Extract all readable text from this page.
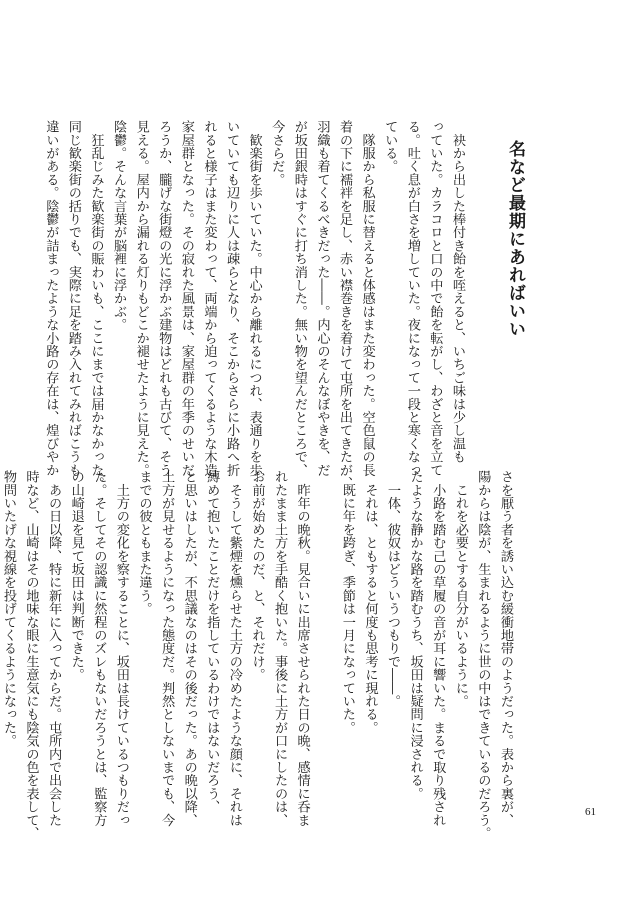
名など最期にあればいい
　袂から出した棒付き飴を咥えると、いちご味は少し温も
っていた。カラコロと口の中で飴を転がし、わざと音を立て
る。吐く息が白さを増していた。夜になって一段と寒くなっ
ている。
　隊服から私服に替えると体感はまた変わった。空色鼠の長
着の下に襦袢を足し、赤い襟巻きを着けて屯所を出てきたが、
羽織も着てくるべきだった――。内心のそんなぼやきを、だ
が坂田銀時はすぐに打ち消した。無い物を望んだところで、
今さらだ。
　歓楽街を歩いていた。中心から離れるにつれ、表通りを歩
いていても辺りに人は疎らとなり、そこからさらに小路へ折
れると様子はまた変わって、両端から迫ってくるような木造
家屋群となった。その寂れた風景は、家屋群の年季のせいだ
ろうか、朧げな街燈の光に浮かぶ建物はどれも古びて、そう
見える。屋内から漏れる灯りもどこか褪せたように見えた。
陰鬱。そんな言葉が脳裡に浮かぶ。
　狂乱じみた歓楽街の賑わいも、ここにまでは届かなかった。
同じ歓楽街の括りでも、実際に足を踏み入れてみればこうも
違いがある。陰鬱が詰まったような小路の存在は、煌びやか
さを厭う者を誘い込む緩衝地帯のようだった。表から裏が、
陽からは陰が、生まれるように世の中はできているのだろう。
　これを必要とする自分がいるように。
　小路を踏む己の草履の音が耳に響いた。まるで取り残され
たような静かな路を踏むうち、坂田は疑問に浸される。
　一体、彼奴はどういうつもりで――。
　それは、ともすると何度も思考に現れる。
　既に年を跨ぎ、季節は一月になっていた。

　昨年の晩秋。見合いに出席させられた日の晩、感情に呑ま
れたまま土方を手酷く抱いた。事後に土方が口にしたのは、
お前が始めたのだ、と、それだけ。
　そうして紫煙を燻らせた土方の冷めたような顔に、それは
縛めて抱いたことだけを指しているわけではないだろう、
と思いはしたが、不思議なのはその後だった。あの晩以降、
土方が見せるようになった態度だ。判然としないまでも、今
までの彼ともまた違う。
　土方の変化を察することに、坂田は長けているつもりだっ
た。そしてその認識に然程のズレもないだろうとは、監察方
の山崎退を見て坂田は判断できた。
　あの日以降、特に新年に入ってからだ。屯所内で出会した
時など、山崎はその地味な眼に生意気にも陰気の色を表して、
物問いたげな視線を投げてくるようになった。
61
